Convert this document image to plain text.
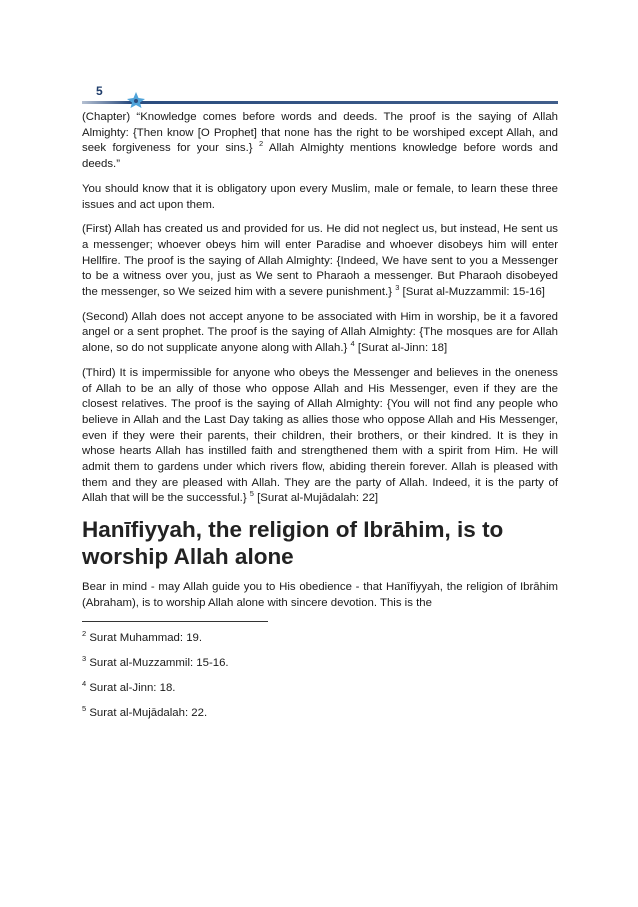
5

(Chapter) “Knowledge comes before words and deeds. The proof is the saying of Allah Almighty: {Then know [O Prophet] that none has the right to be worshiped except Allah, and seek forgiveness for your sins.} $^2$ Allah Almighty mentions knowledge before words and deeds.”

You should know that it is obligatory upon every Muslim, male or female, to learn these three issues and act upon them.

(First) Allah has created us and provided for us. He did not neglect us, but instead, He sent us a messenger; whoever obeys him will enter Paradise and whoever disobeys him will enter Hellfire. The proof is the saying of Allah Almighty: {Indeed, We have sent to you a Messenger to be a witness over you, just as We sent to Pharaoh a messenger. But Pharaoh disobeyed the messenger, so We seized him with a severe punishment.} $^3$ [Surat al-Muzzammil: 15-16]

(Second) Allah does not accept anyone to be associated with Him in worship, be it a favored angel or a sent prophet. The proof is the saying of Allah Almighty: {The mosques are for Allah alone, so do not supplicate anyone along with Allah.} $^4$ [Surat al-Jinn: 18]

(Third) It is impermissible for anyone who obeys the Messenger and believes in the oneness of Allah to be an ally of those who oppose Allah and His Messenger, even if they are the closest relatives. The proof is the saying of Allah Almighty: {You will not find any people who believe in Allah and the Last Day taking as allies those who oppose Allah and His Messenger, even if they were their parents, their children, their brothers, or their kindred. It is they in whose hearts Allah has instilled faith and strengthened them with a spirit from Him. He will admit them to gardens under which rivers flow, abiding therein forever. Allah is pleased with them and they are pleased with Allah. They are the party of Allah. Indeed, it is the party of Allah that will be the successful.} $^5$ [Surat al-Mujādalah: 22]

Hanīfiyyah, the religion of Ibrāhim, is to worship Allah alone

Bear in mind - may Allah guide you to His obedience - that Hanīfiyyah, the religion of Ibrāhim (Abraham), is to worship Allah alone with sincere devotion. This is the

$^2$ Surat Muhammad: 19.
$^3$ Surat al-Muzzammil: 15-16.
$^4$ Surat al-Jinn: 18.
$^5$ Surat al-Mujādalah: 22.
